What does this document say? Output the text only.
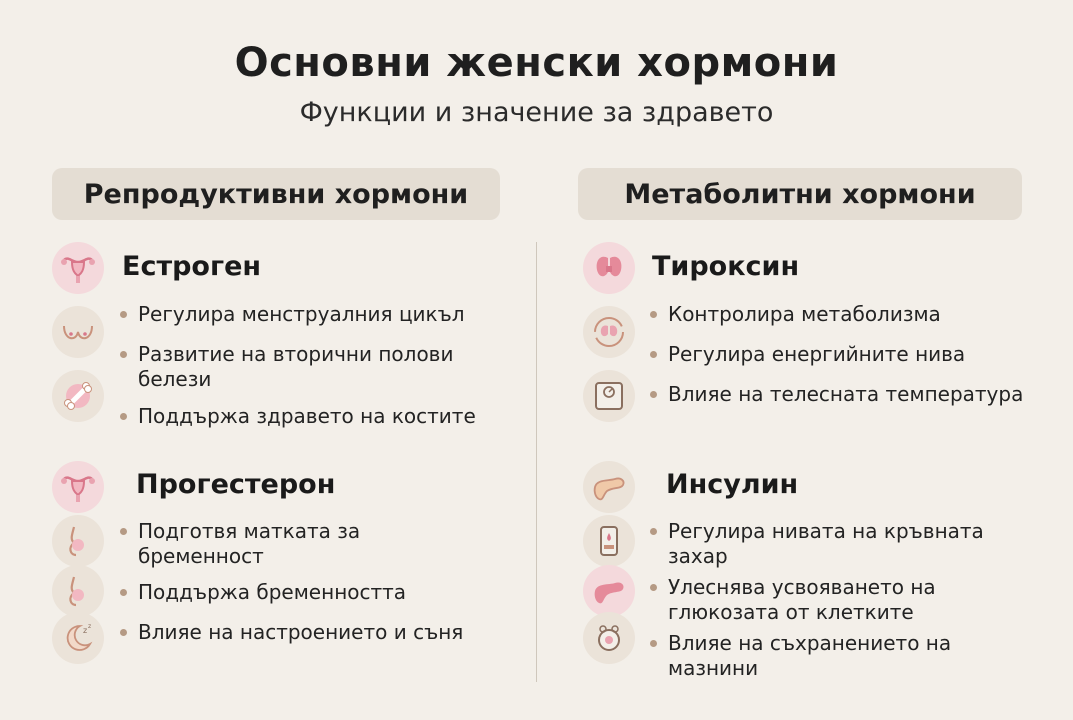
Основни женски хормони
Функции и значение за здравето
Репродуктивни хормони	Метаболитни хормони
Естроген
Регулира менструалния цикъл
Развитие на вторични полови белези
Поддържа здравето на костите
Прогестерон
z z
Подготвя матката за бременност
Поддържа бременността
Влияе на настроението и съня
Тироксин
Контролира метаболизма
Регулира енергийните нива
Влияе на телесната температура
Инсулин
Регулира нивата на кръвната захар
Улеснява усвояването на глюкозата от клетките
Влияе на съхранението на мазнини
